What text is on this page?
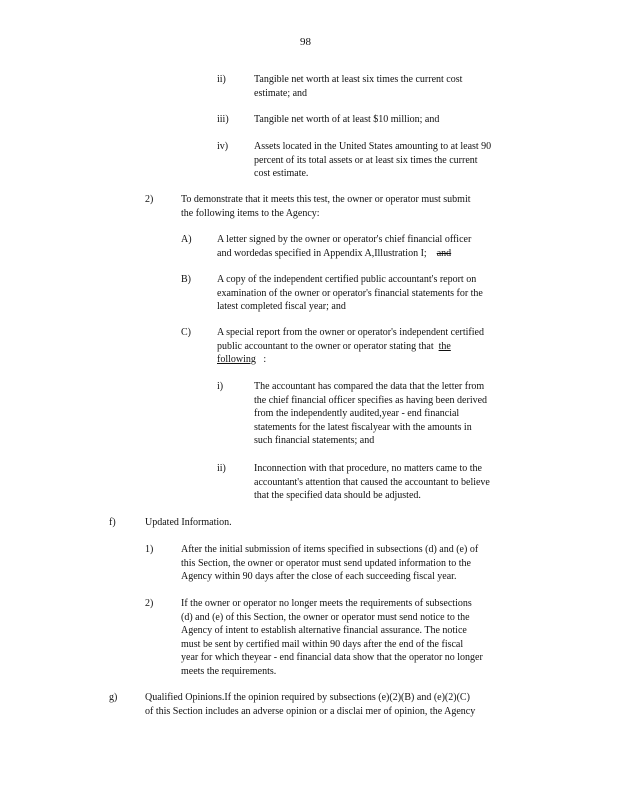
98
ii)	Tangible net worth at least six times the current cost
estimate; and
iii)	Tangible net worth of at least $10 million; and
iv)	Assets located in the United States amounting to at least 90
percent of its total assets or at least six times the current
cost estimate.
2)	To demonstrate that it meets this test, the owner or operator must submit
the following items to the Agency:
A)	A letter signed by the owner or operator's chief financial officer
and wordedas specified in Appendix A,Illustration I; and
B)	A copy of the independent certified public accountant's report on
examination of the owner or operator's financial statements for the
latest completed fiscal year; and
C)	A special report from the owner or operator's independent certified
public accountant to the owner or operator stating that the
following :
i)	The accountant has compared the data that the letter from
the chief financial officer specifies as having been derived
from the independently audited,year - end financial
statements for the latest fiscalyear with the amounts in
such financial statements; and
ii)	Inconnection with that procedure, no matters came to the
accountant's attention that caused the accountant to believe
that the specified data should be adjusted.
f)	Updated Information.
1)	After the initial submission of items specified in subsections (d) and (e) of
this Section, the owner or operator must send updated information to the
Agency within 90 days after the close of each succeeding fiscal year.
2)	If the owner or operator no longer meets the requirements of subsections
(d) and (e) of this Section, the owner or operator must send notice to the
Agency of intent to establish alternative financial assurance. The notice
must be sent by certified mail within 90 days after the end of the fiscal
year for which theyear - end financial data show that the operator no longer
meets the requirements.
g)	Qualified Opinions.If the opinion required by subsections (e)(2)(B) and (e)(2)(C)
of this Section includes an adverse opinion or a disclai mer of opinion, the Agency
